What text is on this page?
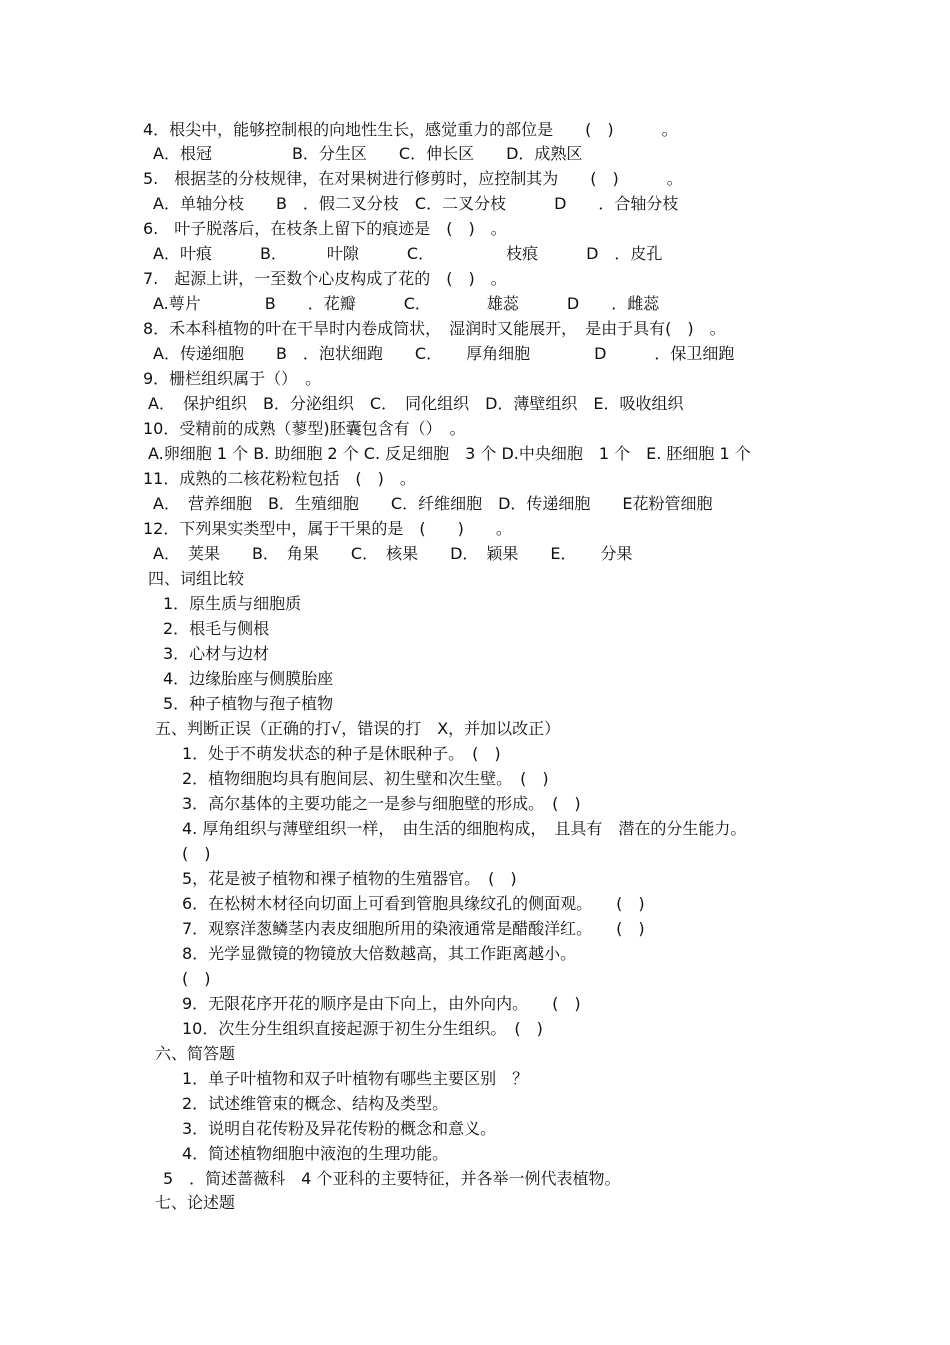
4．根尖中，能够控制根的向地性生长，感觉重力的部位是　　(　)　　　。
A．根冠　　　　　B．分生区　　C．伸长区　　D．成熟区
5.　根据茎的分枝规律，在对果树进行修剪时，应控制其为　　(　)　　　。
A．单轴分枝　　B　．假二叉分枝　C．二叉分枝　　　D　　．合轴分枝
6.　叶子脱落后，在枝条上留下的痕迹是　(　)　。
A．叶痕　　　B．　　　叶隙　　　C．　　　　　枝痕　　　D　．皮孔
7.　起源上讲，一至数个心皮构成了花的　(　)　。
A.萼片　　　　B　　．花瓣　　　C．　　　　雄蕊　　　D　　．雌蕊
8．禾本科植物的叶在干旱时内卷成筒状，　湿润时又能展开，　是由于具有(　)　。
A．传递细胞　　B　．泡状细跑　　C．　　厚角细胞　　　　D　　　．保卫细跑
9．栅栏组织属于（）　。
A．　保护组织　B．分泌组织　C．　同化组织　D．薄壁组织　E．吸收组织
10．受精前的成熟（蓼型)胚囊包含有（）　。
A.卵细胞 1 个 B. 助细胞 2 个 C. 反足细胞　3 个 D.中央细胞　1 个　E. 胚细胞 1 个
11．成熟的二核花粉粒包括　(　)　。
A．　营养细胞　B．生殖细胞　　C．纤维细胞　D．传递细胞　　E花粉管细胞
12．下列果实类型中，属于干果的是　(　　)　　。
A．　荚果　　B．　角果　　C．　核果　　D．　颖果　　E．　　分果
四、词组比较
1．原生质与细胞质
2．根毛与侧根
3．心材与边材
4．边缘胎座与侧膜胎座
5．种子植物与孢子植物
五、判断正误（正确的打√，错误的打　X，并加以改正）
1．处于不萌发状态的种子是休眠种子。　(　)
2．植物细胞均具有胞间层、初生壁和次生壁。　(　)
3．高尔基体的主要功能之一是参与细胞壁的形成。　(　)
4. 厚角组织与薄壁组织一样，　由生活的细胞构成，　且具有　潜在的分生能力。
(　)
5，花是被子植物和裸子植物的生殖器官。　(　)
6．在松树木材径向切面上可看到管胞具缘纹孔的侧面观。　　(　)
7．观察洋葱鳞茎内表皮细胞所用的染液通常是醋酸洋红。　　(　)
8．光学显微镜的物镜放大倍数越高，其工作距离越小。
(　)
9．无限花序开花的顺序是由下向上，由外向内。　　(　)
10．次生分生组织直接起源于初生分生组织。　(　)
六、简答题
1．单子叶植物和双子叶植物有哪些主要区别　？
2．试述维管束的概念、结构及类型。
3．说明自花传粉及异花传粉的概念和意义。
4．简述植物细胞中液泡的生理功能。
5　．简述蔷薇科　4 个亚科的主要特征，并各举一例代表植物。
七、论述题
